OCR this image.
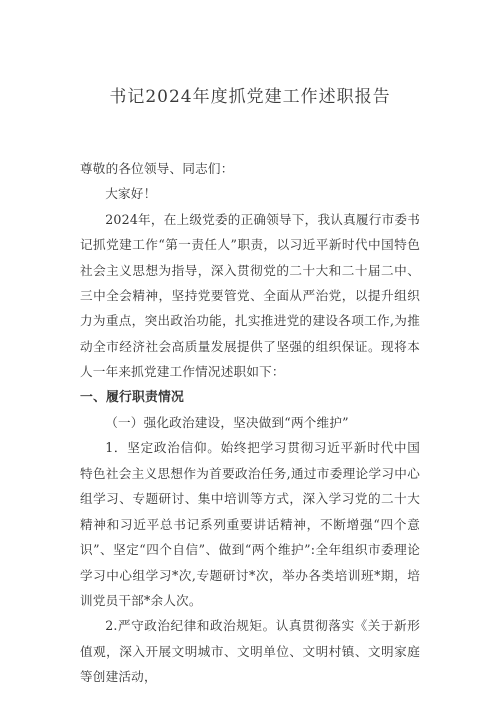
书记2024年度抓党建工作述职报告

尊敬的各位领导、同志们：

大家好！

2024年，在上级党委的正确领导下，我认真履行市委书记抓党建工作“第一责任人”职责，以习近平新时代中国特色社会主义思想为指导，深入贯彻党的二十大和二十届二中、三中全会精神，坚持党要管党、全面从严治党，以提升组织力为重点，突出政治功能，扎实推进党的建设各项工作,为推动全市经济社会高质量发展提供了坚强的组织保证。现将本人一年来抓党建工作情况述职如下：

一、履行职责情况

（一）强化政治建设，坚决做到“两个维护”

1．坚定政治信仰。始终把学习贯彻习近平新时代中国特色社会主义思想作为首要政治任务,通过市委理论学习中心组学习、专题研讨、集中培训等方式，深入学习党的二十大精神和习近平总书记系列重要讲话精神，不断增强“四个意识”、坚定“四个自信”、做到“两个维护”:全年组织市委理论学习中心组学习*次,专题研讨*次，举办各类培训班*期，培训党员干部*余人次。

2.严守政治纪律和政治规矩。认真贯彻落实《关于新形值观，深入开展文明城市、文明单位、文明村镇、文明家庭等创建活动，
